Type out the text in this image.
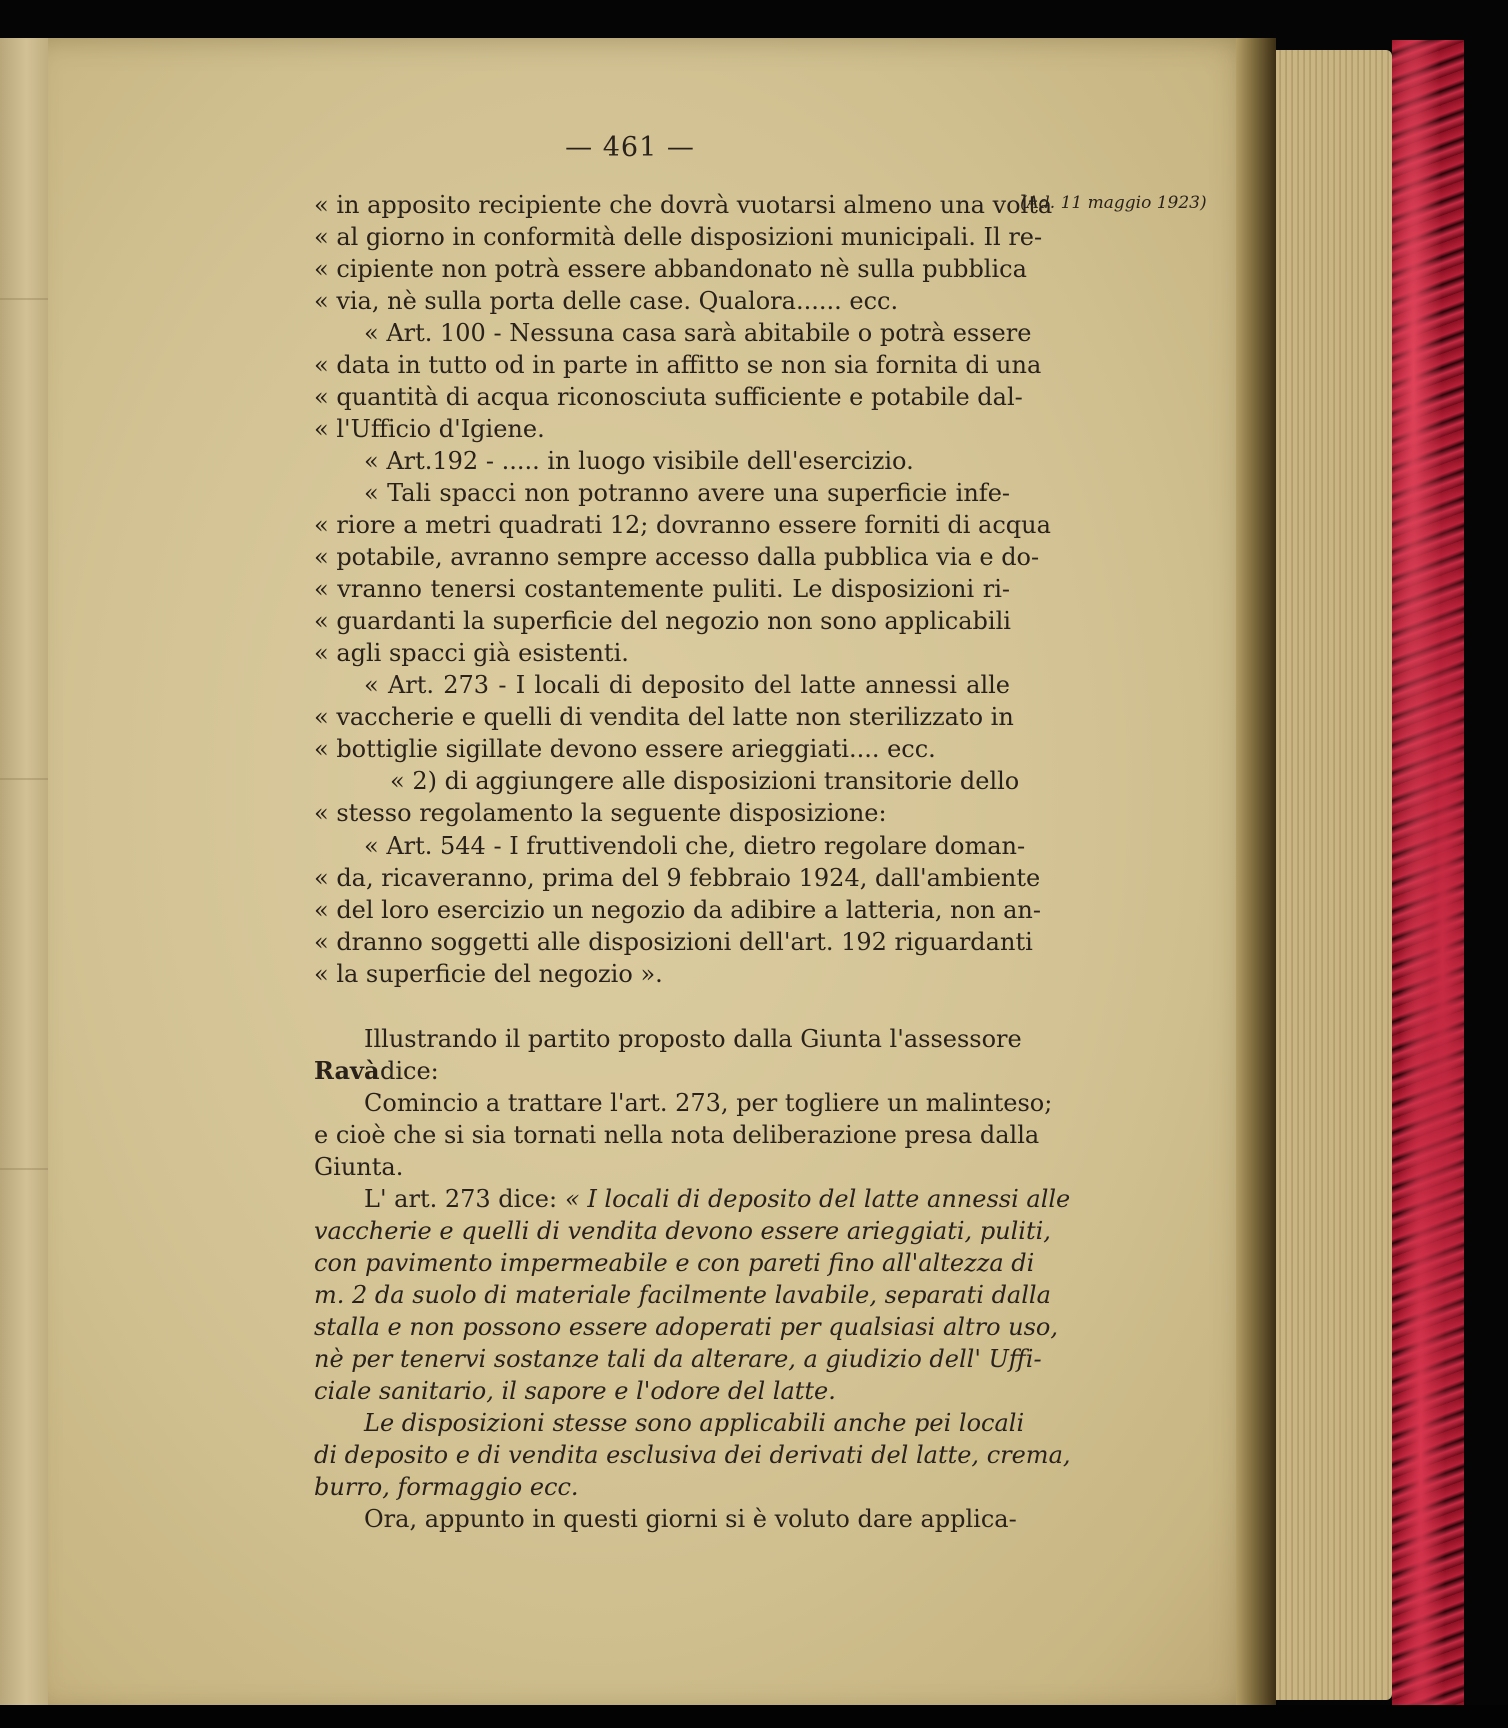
— 461 —
(Ad. 11 maggio 1923)
« in apposito recipiente che dovrà vuotarsi almeno una volta
« al giorno in conformità delle disposizioni municipali. Il re-
« cipiente non potrà essere abbandonato nè sulla pubblica
« via, nè sulla porta delle case. Qualora...... ecc.
« Art. 100 - Nessuna casa sarà abitabile o potrà essere
« data in tutto od in parte in affitto se non sia fornita di una
« quantità di acqua riconosciuta sufficiente e potabile dal-
« l'Ufficio d'Igiene.
« Art.192 - ..... in luogo visibile dell'esercizio.
« Tali spacci non potranno avere una superficie infe-
« riore a metri quadrati 12; dovranno essere forniti di acqua
« potabile, avranno sempre accesso dalla pubblica via e do-
« vranno tenersi costantemente puliti. Le disposizioni ri-
« guardanti la superficie del negozio non sono applicabili
« agli spacci già esistenti.
« Art. 273 - I locali di deposito del latte annessi alle
« vaccherie e quelli di vendita del latte non sterilizzato in
« bottiglie sigillate devono essere arieggiati.... ecc.
« 2) di aggiungere alle disposizioni transitorie dello
« stesso regolamento la seguente disposizione:
« Art. 544 - I fruttivendoli che, dietro regolare doman-
« da, ricaveranno, prima del 9 febbraio 1924, dall'ambiente
« del loro esercizio un negozio da adibire a latteria, non an-
« dranno soggetti alle disposizioni dell'art. 192 riguardanti
« la superficie del negozio ».
Illustrando il partito proposto dalla Giunta l'assessore
Ravà dice:
Comincio a trattare l'art. 273, per togliere un malinteso;
e cioè che si sia tornati nella nota deliberazione presa dalla
Giunta.
L' art. 273 dice: « I locali di deposito del latte annessi alle
vaccherie e quelli di vendita devono essere arieggiati, puliti,
con pavimento impermeabile e con pareti fino all'altezza di
m. 2 da suolo di materiale facilmente lavabile, separati dalla
stalla e non possono essere adoperati per qualsiasi altro uso,
nè per tenervi sostanze tali da alterare, a giudizio dell' Uffi-
ciale sanitario, il sapore e l'odore del latte.
Le disposizioni stesse sono applicabili anche pei locali
di deposito e di vendita esclusiva dei derivati del latte, crema,
burro, formaggio ecc.
Ora, appunto in questi giorni si è voluto dare applica-
